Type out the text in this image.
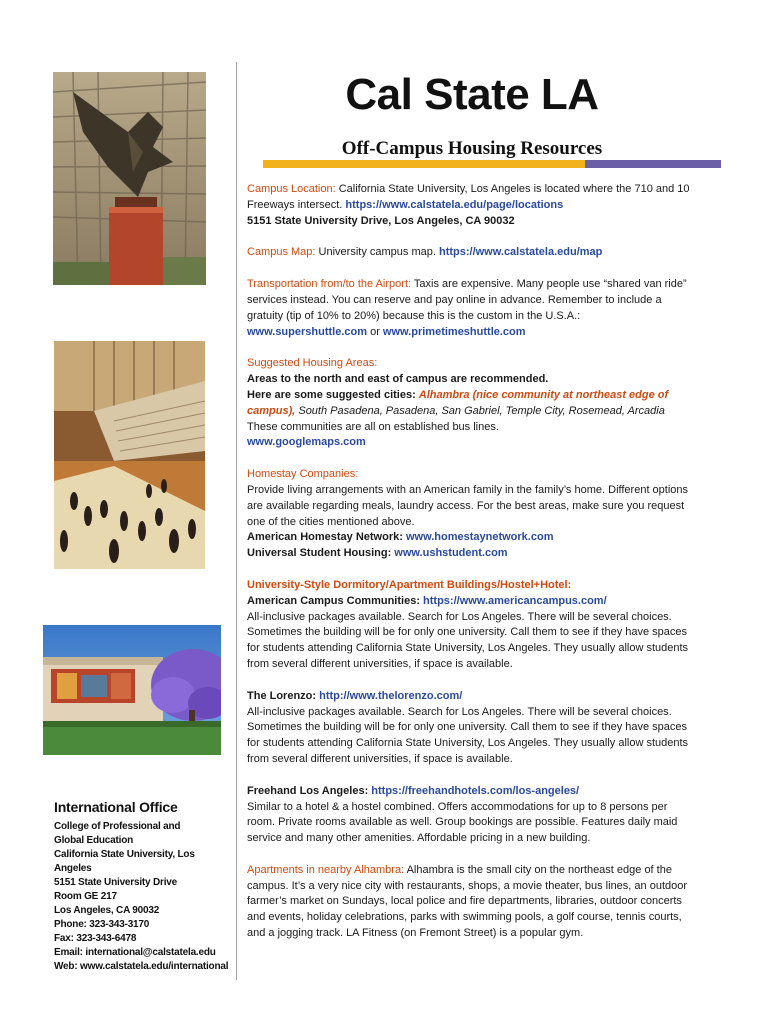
Cal State LA
Off-Campus Housing Resources
Campus Location: California State University, Los Angeles is located where the 710 and 10 Freeways intersect. https://www.calstatela.edu/page/locations
5151 State University Drive, Los Angeles, CA 90032
Campus Map: University campus map. https://www.calstatela.edu/map
Transportation from/to the Airport: Taxis are expensive. Many people use “shared van ride” services instead. You can reserve and pay online in advance. Remember to include a gratuity (tip of 10% to 20%) because this is the custom in the U.S.A.:
www.supershuttle.com or www.primetimeshuttle.com
Suggested Housing Areas:
Areas to the north and east of campus are recommended.
Here are some suggested cities: Alhambra (nice community at northeast edge of campus), South Pasadena, Pasadena, San Gabriel, Temple City, Rosemead, Arcadia
These communities are all on established bus lines.
www.googlemaps.com
Homestay Companies:
Provide living arrangements with an American family in the family’s home. Different options are available regarding meals, laundry access. For the best areas, make sure you request one of the cities mentioned above.
American Homestay Network: www.homestaynetwork.com
Universal Student Housing: www.ushstudent.com
University-Style Dormitory/Apartment Buildings/Hostel+Hotel:
American Campus Communities: https://www.americancampus.com/
All-inclusive packages available. Search for Los Angeles. There will be several choices. Sometimes the building will be for only one university. Call them to see if they have spaces for students attending California State University, Los Angeles. They usually allow students from several different universities, if space is available.
The Lorenzo: http://www.thelorenzo.com/
All-inclusive packages available. Search for Los Angeles. There will be several choices. Sometimes the building will be for only one university. Call them to see if they have spaces for students attending California State University, Los Angeles. They usually allow students from several different universities, if space is available.
Freehand Los Angeles: https://freehandhotels.com/los-angeles/
Similar to a hotel & a hostel combined. Offers accommodations for up to 8 persons per room. Private rooms available as well. Group bookings are possible. Features daily maid service and many other amenities. Affordable pricing in a new building.
Apartments in nearby Alhambra: Alhambra is the small city on the northeast edge of the campus. It’s a very nice city with restaurants, shops, a movie theater, bus lines, an outdoor farmer’s market on Sundays, local police and fire departments, libraries, outdoor concerts and events, holiday celebrations, parks with swimming pools, a golf course, tennis courts, and a jogging track. LA Fitness (on Fremont Street) is a popular gym.
International Office
College of Professional and
Global Education
California State University, Los Angeles
5151 State University Drive
Room GE 217
Los Angeles, CA 90032
Phone: 323-343-3170
Fax: 323-343-6478
Email: international@calstatela.edu
Web: www.calstatela.edu/international
